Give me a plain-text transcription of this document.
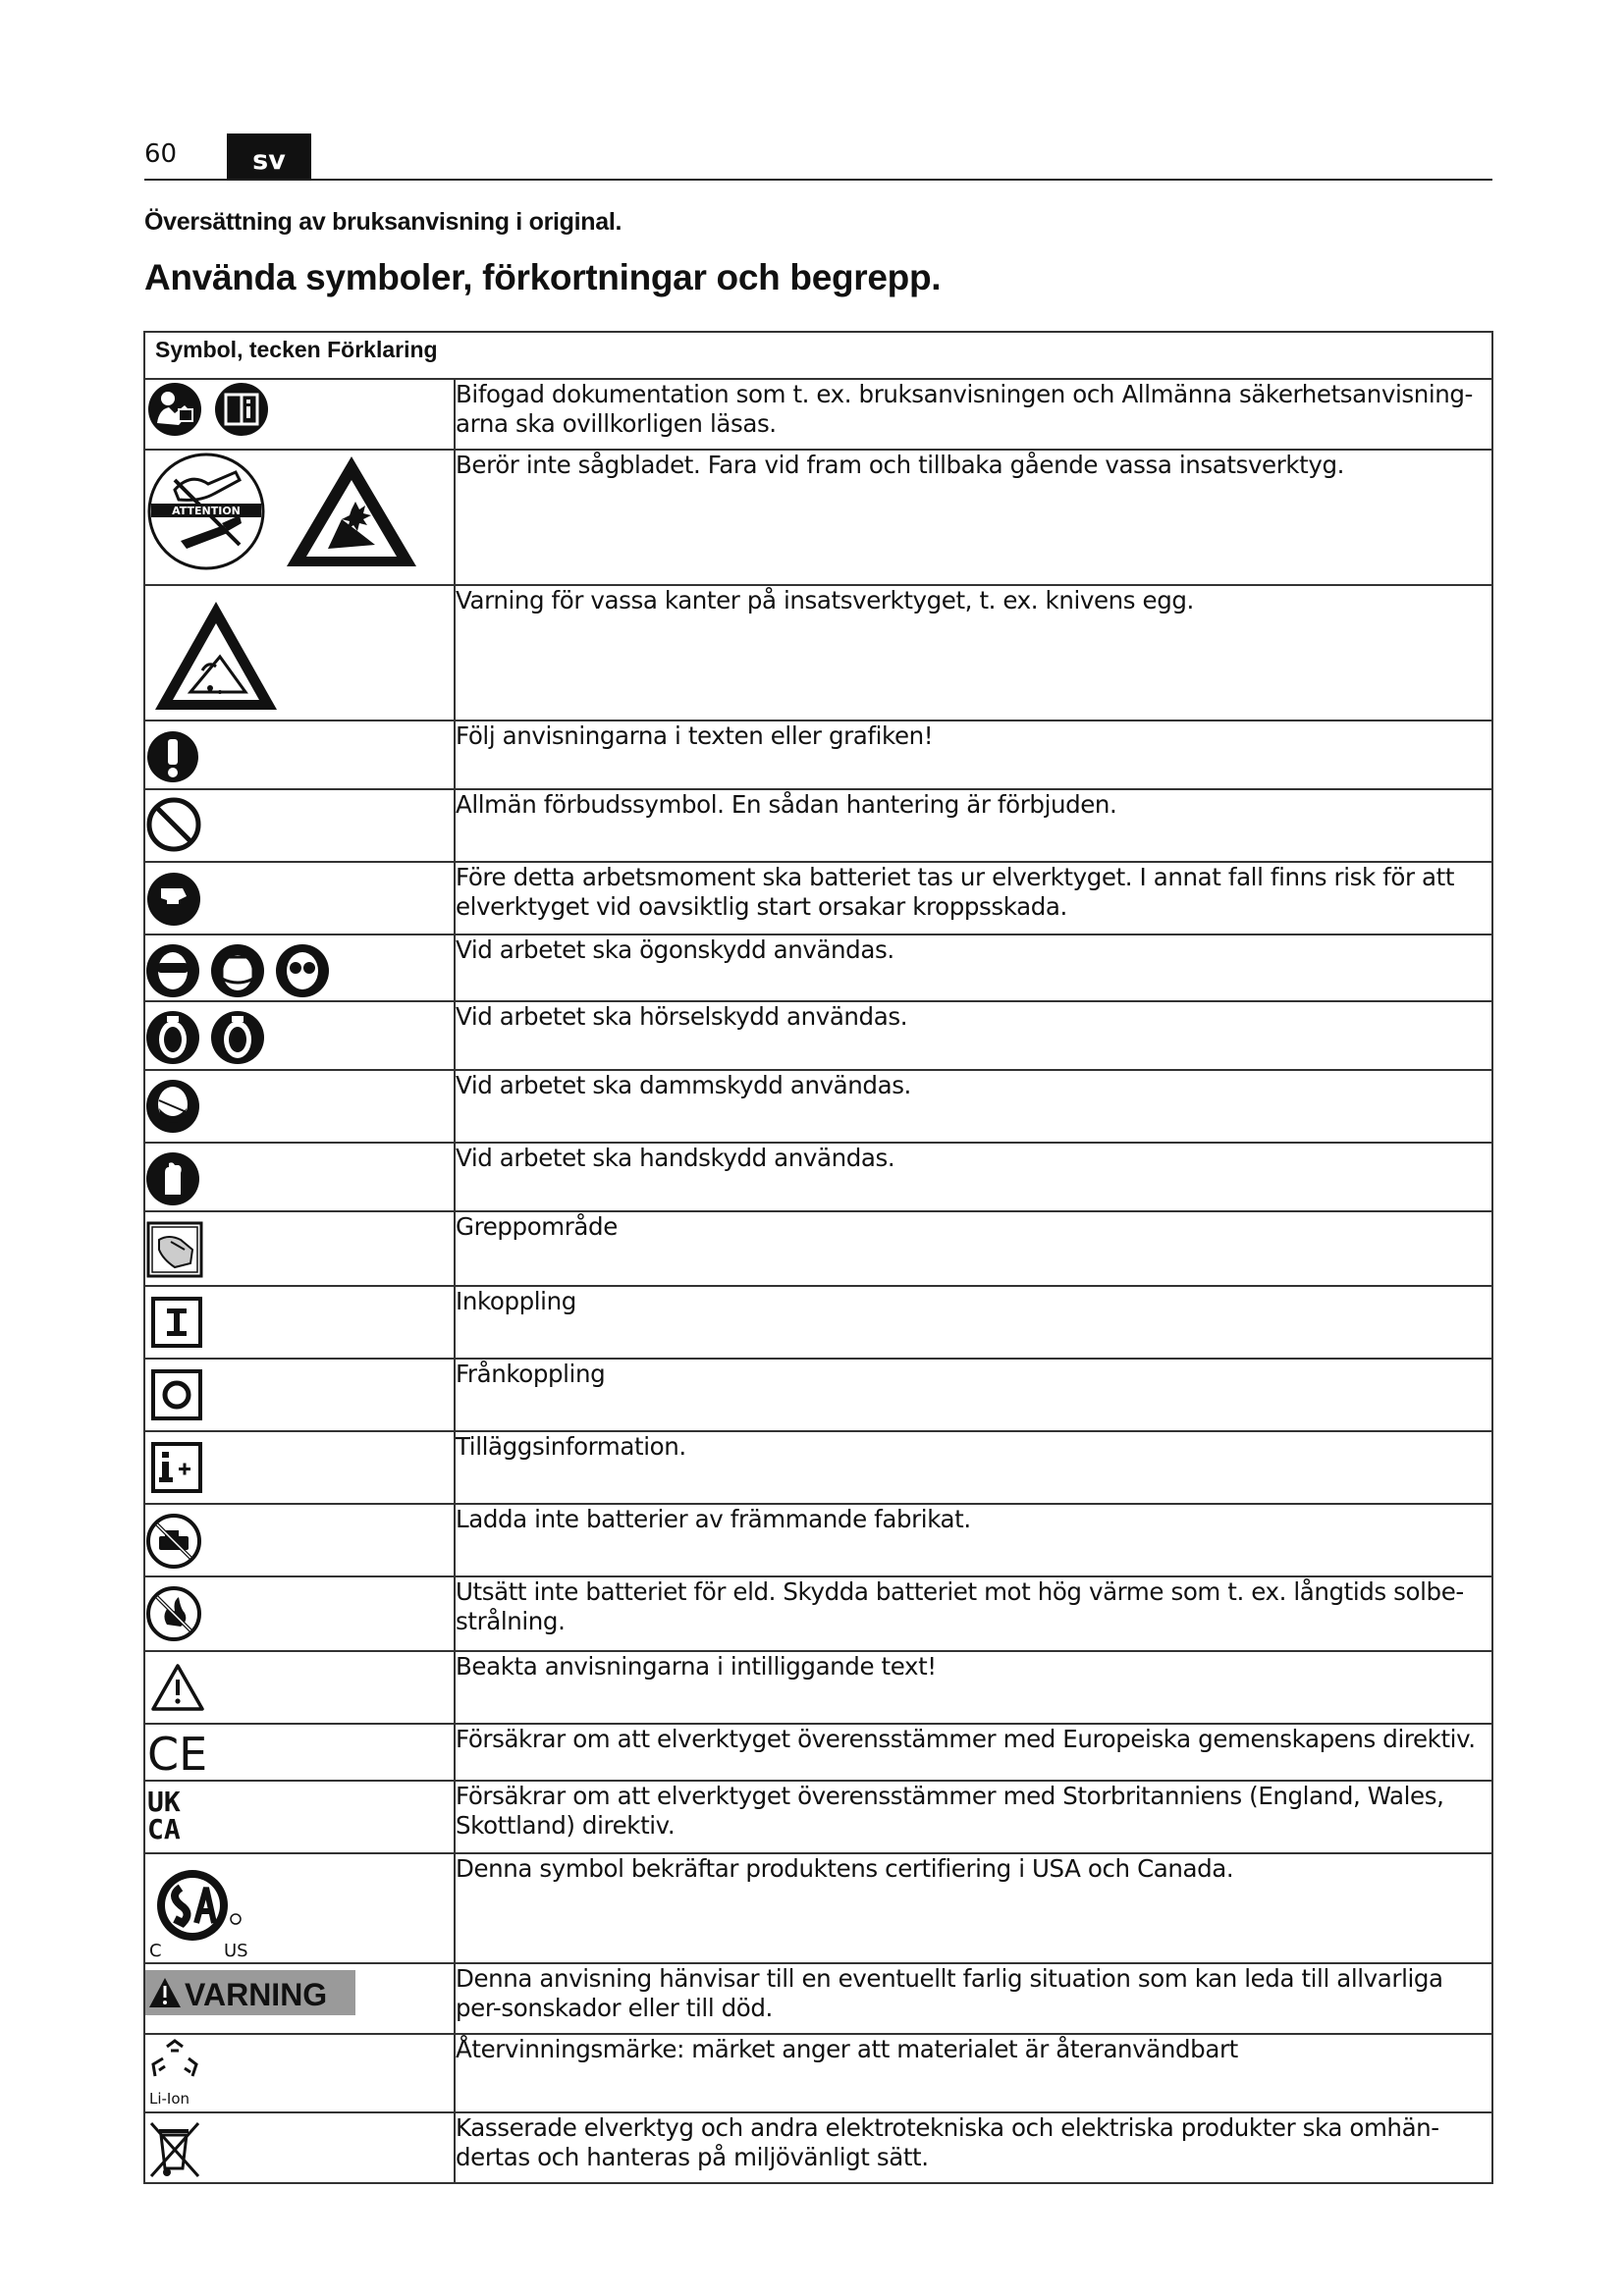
60	sv
Översättning av bruksanvisning i original.
Använda symboler, förkortningar och begrepp.
Symbol, tecken Förklaring	

	Bifogad dokumentation som t. ex. bruksanvisningen och Allmänna säkerhetsanvisning-arna ska ovillkorligen läsas.

ATTENTION	Berör inte sågbladet. Fara vid fram och tillbaka gående vassa insatsverktyg.

	Varning för vassa kanter på insatsverktyget, t. ex. knivens egg.

	Följ anvisningarna i texten eller grafiken!

	Allmän förbudssymbol. En sådan hantering är förbjuden.

	Före detta arbetsmoment ska batteriet tas ur elverktyget. I annat fall finns risk för att elverktyget vid oavsiktlig start orsakar kroppsskada.

	Vid arbetet ska ögonskydd användas.

	Vid arbetet ska hörselskydd användas.

	Vid arbetet ska dammskydd användas.

	Vid arbetet ska handskydd användas.

	Greppområde

	Inkoppling

	Frånkoppling

	Tilläggsinformation.

	Ladda inte batterier av främmande fabrikat.

	Utsätt inte batteriet för eld. Skydda batteriet mot hög värme som t. ex. långtids solbe-strålning.

	Beakta anvisningarna i intilliggande text!

CE	Försäkrar om att elverktyget överensstämmer med Europeiska gemenskapens direktiv.

UK
CA	Försäkrar om att elverktyget överensstämmer med Storbritanniens (England, Wales, Skottland) direktiv.

C US	Denna symbol bekräftar produktens certifiering i USA och Canada.

VARNING	Denna anvisning hänvisar till en eventuellt farlig situation som kan leda till allvarliga per-sonskador eller till död.

Li-Ion	Återvinningsmärke: märket anger att materialet är återanvändbart

	Kasserade elverktyg och andra elektrotekniska och elektriska produkter ska omhän-dertas och hanteras på miljövänligt sätt.
